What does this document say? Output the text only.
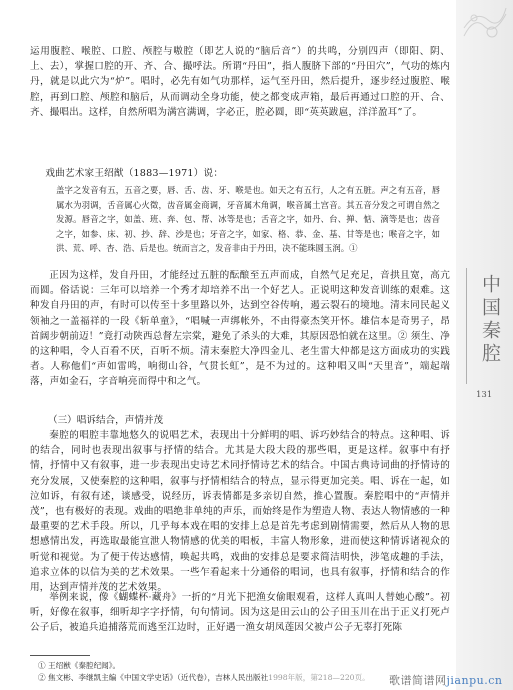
运用腹腔、喉腔、口腔、颅腔与嗷腔（即艺人说的“脑后音”）的共鸣，分别四声（即阳、阴、上、去），掌握口腔的开、齐、合、撮呼法。所谓“丹田”，指人腹脐下部的“丹田穴”，气功的炼内丹，就是以此穴为“炉”。唱时，必先有如气功那样，运气至丹田，然后提升，逐步经过腹腔、喉腔，再到口腔、颅腔和脑后，从而调动全身功能，使之都变成声箱，最后再通过口腔的开、合、齐、撮唱出。这样，自然所唱为满宫满调，字必正，腔必圆，即“英英跋扈，洋洋盈耳”了。

戏曲艺术家王绍猷（1883—1971）说：
盖字之发音有五，五音之要，唇、舌、齿、牙、喉是也。如天之有五行，人之有五脏。声之有五音，唇属水为羽调，舌音属心火徵，齿音属金商调，牙音属木角调，喉音属土宫音。其五音分发之可谓自然之发源。唇音之字，如盖、班、奔、包、帮、冰等是也；舌音之字，如丹、台、掸、惦、滴等是也；齿音之字，如参、床、初、抄、辞、沙是也；牙音之字，如家、格、恭、金、基、甘等是也；喉音之字，如洪、荒、呼、杏、浩、后是也。统而言之，发音非由于丹田，决不能珠圆玉润。①

正因为这样，发自丹田，才能经过五脏的酝酿至五声而成，自然气足充足，音拱且宽，高亢而圆。俗话说：三年可以培养一个秀才却培养不出一个好艺人。正说明这种发音训练的艰难。这种发自丹田的声，有时可以传至十多里路以外，达到空谷传响，遏云裂石的境地。清末同民起义领袖之一盖福祥的一段《斩单童》，“唱喊一声绑帐外，不由得豪杰笑开怀。雄信本是奇男子，昂首阔步朝前迈！”竟打动陕西总督左宗棠，避免了杀头的大难，其原因恐怕就在这里。② 须生、净的这种唱，令人百看不厌，百听不烦。清末秦腔大净四金儿、老生雷大仲都是这方面成功的实践者。人称他们“声如雷鸣，响彻山谷，气贯长虹”，是不为过的。这种唱又叫“天里音”，端起端落，声如金石，字音响亮而得中和之气。

（三）唱诉结合，声情并茂

秦腔的唱腔丰靠地悠久的说唱艺术，表现出十分鲜明的唱、诉巧妙结合的特点。这种唱、诉的结合，同时也表现出叙事与抒情的结合。尤其是大段大段的那些唱，更是这样。叙事中有抒情，抒情中又有叙事，进一步表现出史诗艺术同抒情诗艺术的结合。中国古典诗词曲的抒情诗的充分发展，又使秦腔的这种唱，叙事与抒情相结合的特点，显示得更加完美。唱、诉在一起，如泣如诉，有叙有述，谈感受，说经历，诉表情都是多亲切自然，推心置腹。秦腔唱中的“声情并茂”，也有极好的表现。戏曲的唱绝非单纯的声乐，而始终是作为塑造人物、表达人物情感的一种最重要的艺术手段。所以，几乎每本戏在唱的安排上总是首先考虑到剧情需要，然后从人物的思想感情出发，再选取最能宣泄人物情感的优美的唱板，丰富人物形象，进而使这种情诉诸视众的听觉和视觉。为了便于传达感情，唤起共鸣，戏曲的安排总是要求简洁明快，涉笔成趣的手法，追求立体的以信为美的艺术效果。一些乍看起来十分通俗的唱词，也具有叙事，抒情和结合的作用，达到声情并茂的艺术效果。

举例来说，像《蝴蝶杯·藏舟》一折的“月光下把渔女偷眼观看，这样人真叫人替她心酸”。初听，好像在叙事，细听却字字抒情，句句情词。因为这是田云山的公子田玉川在出于正义打死卢公子后，被追兵追捕落荒而逃至江边时，正好遇一渔女胡凤莲因父被卢公子无辜打死陈

① 王绍猷《秦腔纪闻》。
② 焦文彬、李继凯主编《中国文学史话》（近代卷），吉林人民出版社1998年版，第218—220页。
中国秦腔
131
歌谱简谱网jianpu.cn
